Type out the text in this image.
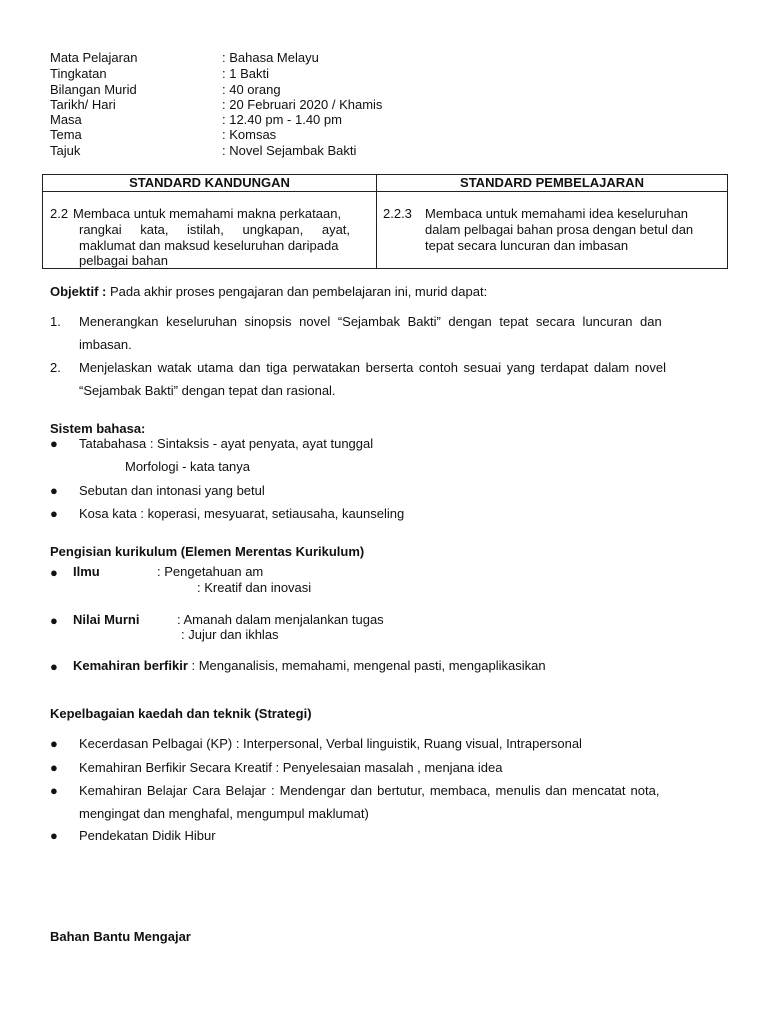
Mata Pelajaran	: Bahasa Melayu
Tingkatan	: 1 Bakti
Bilangan Murid	: 40 orang
Tarikh/ Hari	: 20 Februari 2020 / Khamis
Masa	: 12.40 pm - 1.40 pm
Tema	: Komsas
Tajuk	: Novel Sejambak Bakti
STANDARD KANDUNGAN	STANDARD PEMBELAJARAN

2.2 Membaca untuk memahami makna perkataan,
rangkai kata, istilah, ungkapan, ayat,
maklumat dan maksud keseluruhan daripada
pelbagai bahan	2.2.3 Membaca untuk memahami idea keseluruhan
dalam pelbagai bahan prosa dengan betul dan
tepat secara luncuran dan imbasan
Objektif : Pada akhir proses pengajaran dan pembelajaran ini, murid dapat:
1. Menerangkan keseluruhan sinopsis novel “Sejambak Bakti” dengan tepat secara luncuran dan
imbasan.
2. Menjelaskan watak utama dan tiga perwatakan berserta contoh sesuai yang terdapat dalam novel
“Sejambak Bakti” dengan tepat dan rasional.
Sistem bahasa:
● Tatabahasa : Sintaksis - ayat penyata, ayat tunggal
Morfologi - kata tanya
● Sebutan dan intonasi yang betul
● Kosa kata : koperasi, mesyuarat, setiausaha, kaunseling
Pengisian kurikulum (Elemen Merentas Kurikulum)
● Ilmu	: Pengetahuan am
: Kreatif dan inovasi
● Nilai Murni	: Amanah dalam menjalankan tugas
: Jujur dan ikhlas
● Kemahiran berfikir : Menganalisis, memahami, mengenal pasti, mengaplikasikan
Kepelbagaian kaedah dan teknik (Strategi)
● Kecerdasan Pelbagai (KP) : Interpersonal, Verbal linguistik, Ruang visual, Intrapersonal
● Kemahiran Berfikir Secara Kreatif : Penyelesaian masalah , menjana idea
● Kemahiran Belajar Cara Belajar : Mendengar dan bertutur, membaca, menulis dan mencatat nota,
mengingat dan menghafal, mengumpul maklumat)
● Pendekatan Didik Hibur
Bahan Bantu Mengajar
